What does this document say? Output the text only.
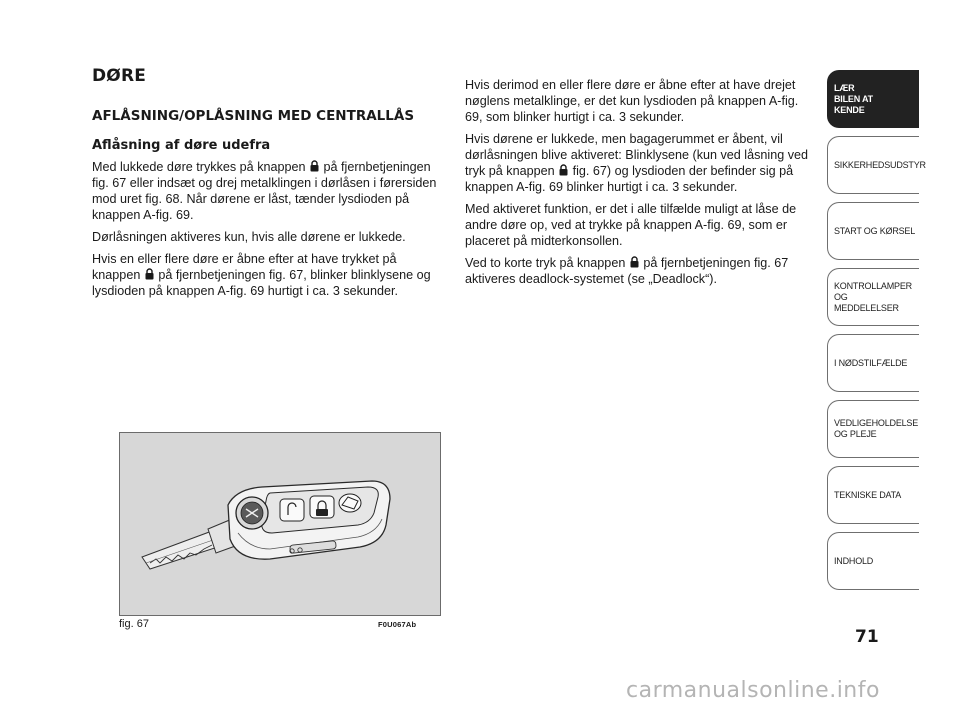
DØRE
AFLÅSNING/OPLÅSNING MED CENTRALLÅS
Aflåsning af døre udefra

Med lukkede døre trykkes på knappen  på fjernbetjeningen fig. 67 eller indsæt og drej metalklingen i dørlåsen i førersiden mod uret fig. 68. Når dørene er låst, tænder lysdioden på knappen A-fig. 69.

Dørlåsningen aktiveres kun, hvis alle dørene er lukkede.

Hvis en eller flere døre er åbne efter at have trykket på knappen  på fjernbetjeningen fig. 67, blinker blinklysene og lysdioden på knappen A-fig. 69 hurtigt i ca. 3 sekunder.

Hvis derimod en eller flere døre er åbne efter at have drejet nøglens metalklinge, er det kun lysdioden på knappen A-fig. 69, som blinker hurtigt i ca. 3 sekunder.

Hvis dørene er lukkede, men bagagerummet er åbent, vil dørlåsningen blive aktiveret: Blinklysene (kun ved låsning ved tryk på knappen  fig. 67) og lysdioden der befinder sig på knappen A-fig. 69 blinker hurtigt i ca. 3 sekunder.

Med aktiveret funktion, er det i alle tilfælde muligt at låse de andre døre op, ved at trykke på knappen A-fig. 69, som er placeret på midterkonsollen.

Ved to korte tryk på knappen  på fjernbetjeningen fig. 67 aktiveres deadlock-systemet (se „Deadlock“).

fig. 67	F0U067Ab
LÆR BILEN AT KENDE
SIKKERHEDSUDSTYR
START OG KØRSEL
KONTROLLAMPER OG MEDDELELSER
I NØDSTILFÆLDE
VEDLIGEHOLDELSE OG PLEJE
TEKNISKE DATA
INDHOLD
71
carmanualsonline.info
